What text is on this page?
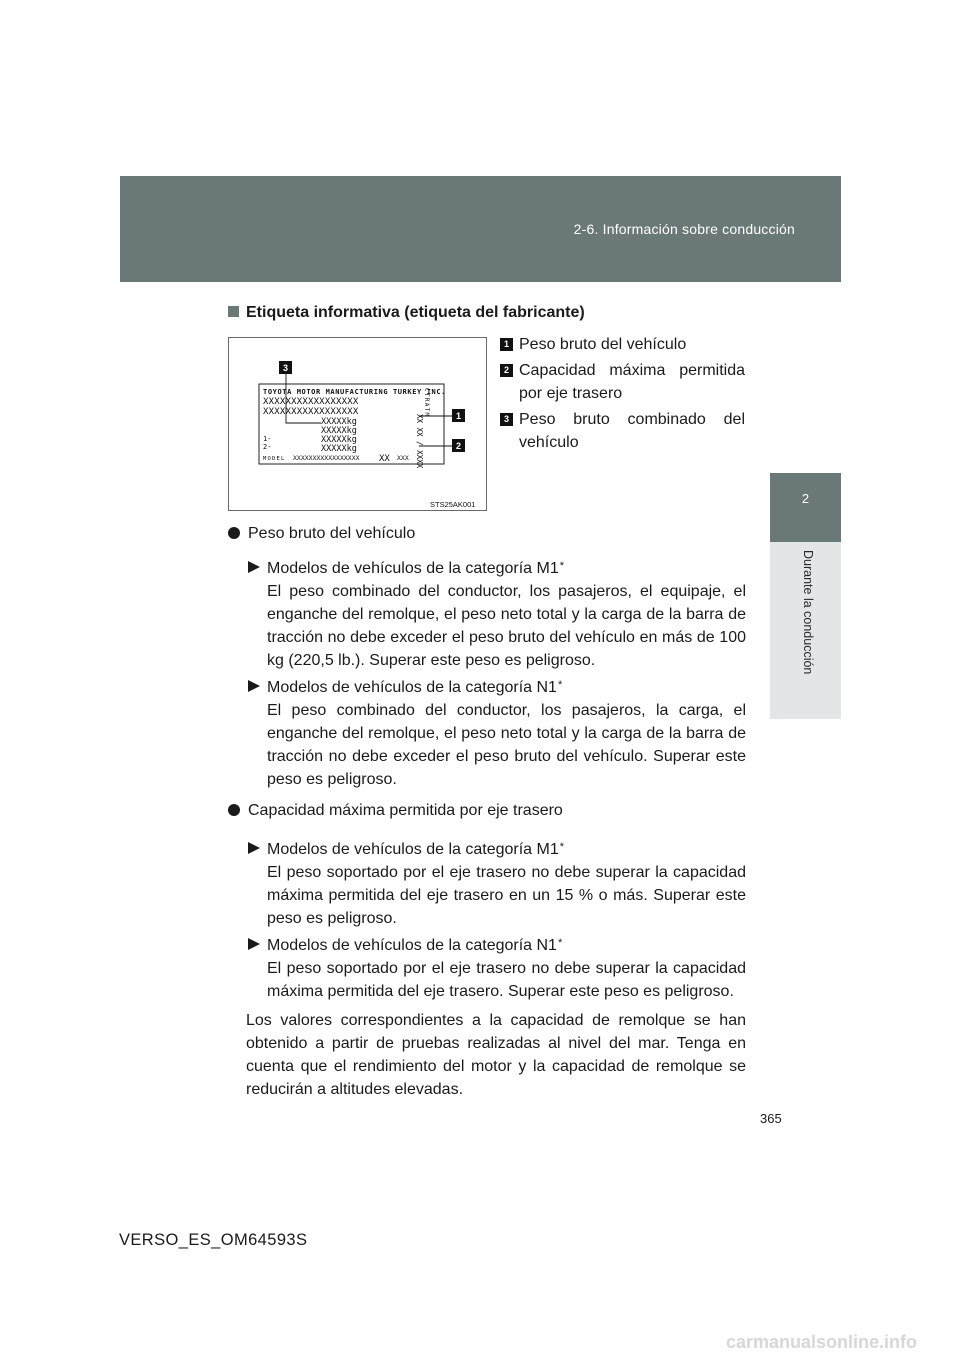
2-6. Información sobre conducción
2
Durante la conducción
Etiqueta informativa (etiqueta del fabricante)
TOYOTA MOTOR MANUFACTURING TURKEY INC.
XXXXXXXXXXXXXXXXX
XXXXXXXXXXXXXXXXX
XXXXXkg
XXXXXkg
XXXXXkg
XXXXXkg
1-
2-
MODEL XXXXXXXXXXXXXXXXX XX XXX
CTRATM
XX XX / XXXX
3
1
2
STS25AK001
1 Peso bruto del vehículo
2 Capacidad máxima permitida por eje trasero
3 Peso bruto combinado del vehículo
Peso bruto del vehículo
Modelos de vehículos de la categoría M1*
El peso combinado del conductor, los pasajeros, el equipaje, el enganche del remolque, el peso neto total y la carga de la barra de tracción no debe exceder el peso bruto del vehículo en más de 100 kg (220,5 lb.). Superar este peso es peligroso.
Modelos de vehículos de la categoría N1*
El peso combinado del conductor, los pasajeros, la carga, el enganche del remolque, el peso neto total y la carga de la barra de tracción no debe exceder el peso bruto del vehículo. Superar este peso es peligroso.
Capacidad máxima permitida por eje trasero
Modelos de vehículos de la categoría M1*
El peso soportado por el eje trasero no debe superar la capacidad máxima permitida del eje trasero en un 15 % o más. Superar este peso es peligroso.
Modelos de vehículos de la categoría N1*
El peso soportado por el eje trasero no debe superar la capacidad máxima permitida del eje trasero. Superar este peso es peligroso.
Los valores correspondientes a la capacidad de remolque se han obtenido a partir de pruebas realizadas al nivel del mar. Tenga en cuenta que el rendimiento del motor y la capacidad de remolque se reducirán a altitudes elevadas.
365
VERSO_ES_OM64593S
carmanualsonline.info
